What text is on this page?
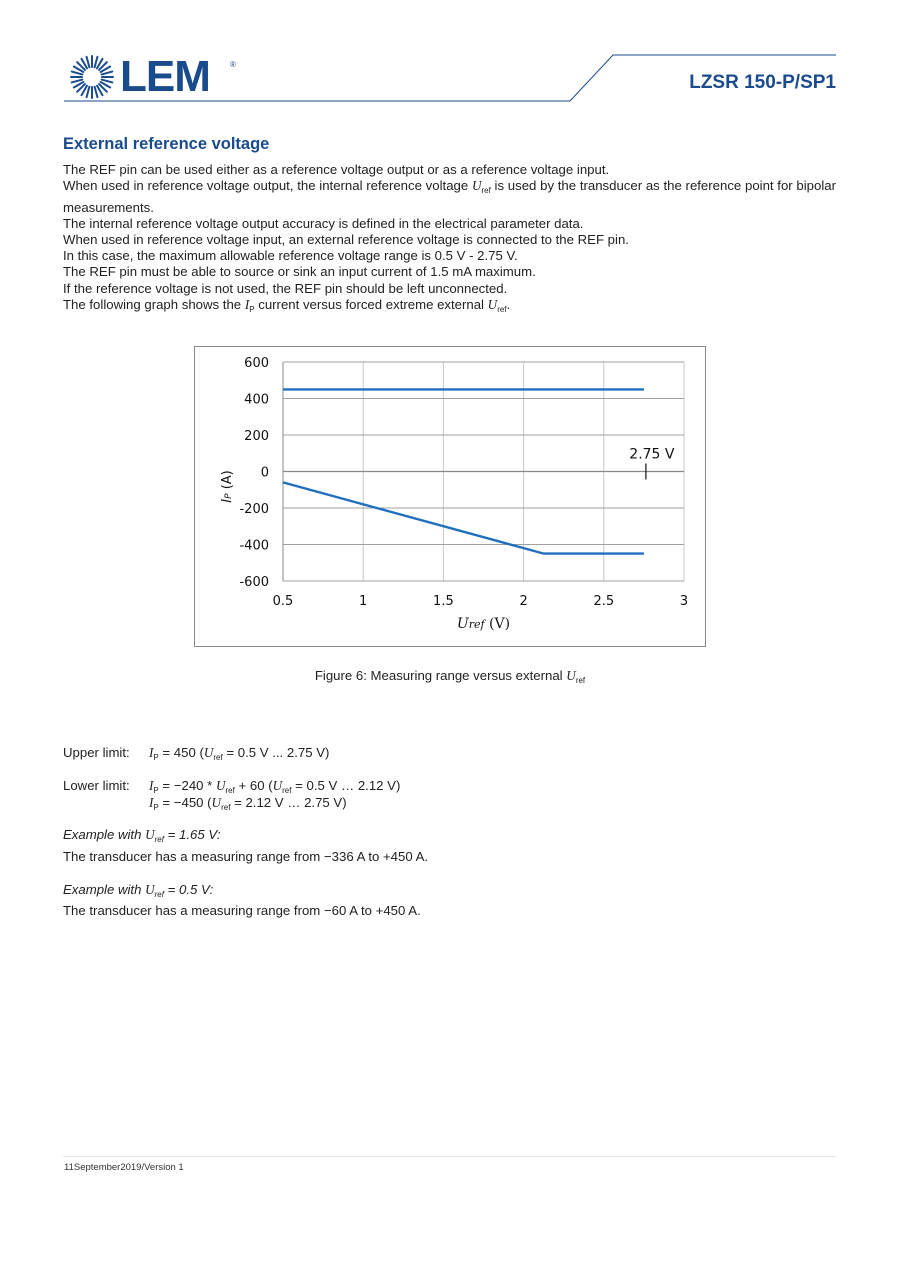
LEM	®
LZSR 150-P/SP1
External reference voltage

The REF pin can be used either as a reference voltage output or as a reference voltage input.

When used in reference voltage output, the internal reference voltage $U_{ref}$ is used by the transducer as the reference point for bipolar measurements.

The internal reference voltage output accuracy is defined in the electrical parameter data.

When used in reference voltage input, an external reference voltage is connected to the REF pin.

In this case, the maximum allowable reference voltage range is 0.5 V - 2.75 V.

The REF pin must be able to source or sink an input current of 1.5 mA maximum.

If the reference voltage is not used, the REF pin should be left unconnected.

The following graph shows the $I_P$ current versus forced extreme external $U_{ref}$.

0.5	1	1.5	2	2.5	3
600
400
200
0
-200
-400
-600
2.75 V
Uref (V)
IP (A)
Figure 6: Measuring range versus external $U_{ref}$
Upper limit: $I_P = 450$ ($U_{ref} = 0.5$ V ... 2.75 V)
Lower limit: $I_P = -240 * U_{ref} + 60$ ($U_{ref} = 0.5$ V … 2.12 V)
$I_P = -450$ ($U_{ref} = 2.12$ V … 2.75 V)

Example with $U_{ref} = 1.65$ V:

The transducer has a measuring range from −336 A to +450 A.

Example with $U_{ref} = 0.5$ V:

The transducer has a measuring range from −60 A to +450 A.

11September2019/Version 1
